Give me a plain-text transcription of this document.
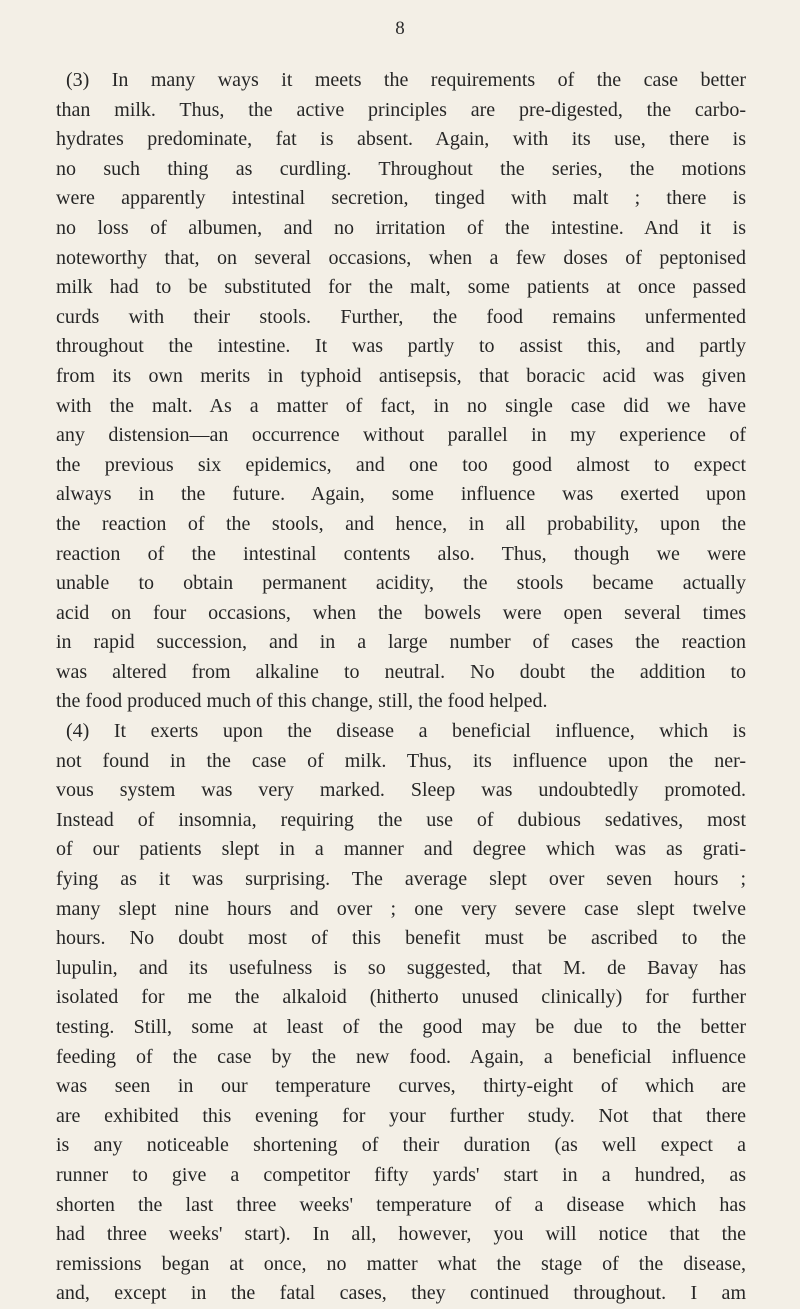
8

(3) In many ways it meets the requirements of the case better
than milk. Thus, the active principles are pre-digested, the carbo-
hydrates predominate, fat is absent. Again, with its use, there is
no such thing as curdling. Throughout the series, the motions
were apparently intestinal secretion, tinged with malt ; there is
no loss of albumen, and no irritation of the intestine. And it is
noteworthy that, on several occasions, when a few doses of peptonised
milk had to be substituted for the malt, some patients at once passed
curds with their stools. Further, the food remains unfermented
throughout the intestine. It was partly to assist this, and partly
from its own merits in typhoid antisepsis, that boracic acid was given
with the malt. As a matter of fact, in no single case did we have
any distension—an occurrence without parallel in my experience of
the previous six epidemics, and one too good almost to expect
always in the future. Again, some influence was exerted upon
the reaction of the stools, and hence, in all probability, upon the
reaction of the intestinal contents also. Thus, though we were
unable to obtain permanent acidity, the stools became actually
acid on four occasions, when the bowels were open several times
in rapid succession, and in a large number of cases the reaction
was altered from alkaline to neutral. No doubt the addition to
the food produced much of this change, still, the food helped.
(4) It exerts upon the disease a beneficial influence, which is
not found in the case of milk. Thus, its influence upon the ner-
vous system was very marked. Sleep was undoubtedly promoted.
Instead of insomnia, requiring the use of dubious sedatives, most
of our patients slept in a manner and degree which was as grati-
fying as it was surprising. The average slept over seven hours ;
many slept nine hours and over ; one very severe case slept twelve
hours. No doubt most of this benefit must be ascribed to the
lupulin, and its usefulness is so suggested, that M. de Bavay has
isolated for me the alkaloid (hitherto unused clinically) for further
testing. Still, some at least of the good may be due to the better
feeding of the case by the new food. Again, a beneficial influence
was seen in our temperature curves, thirty-eight of which are
are exhibited this evening for your further study. Not that there
is any noticeable shortening of their duration (as well expect a
runner to give a competitor fifty yards' start in a hundred, as
shorten the last three weeks' temperature of a disease which has
had three weeks' start). In all, however, you will notice that the
remissions began at once, no matter what the stage of the disease,
and, except in the fatal cases, they continued throughout. I am
